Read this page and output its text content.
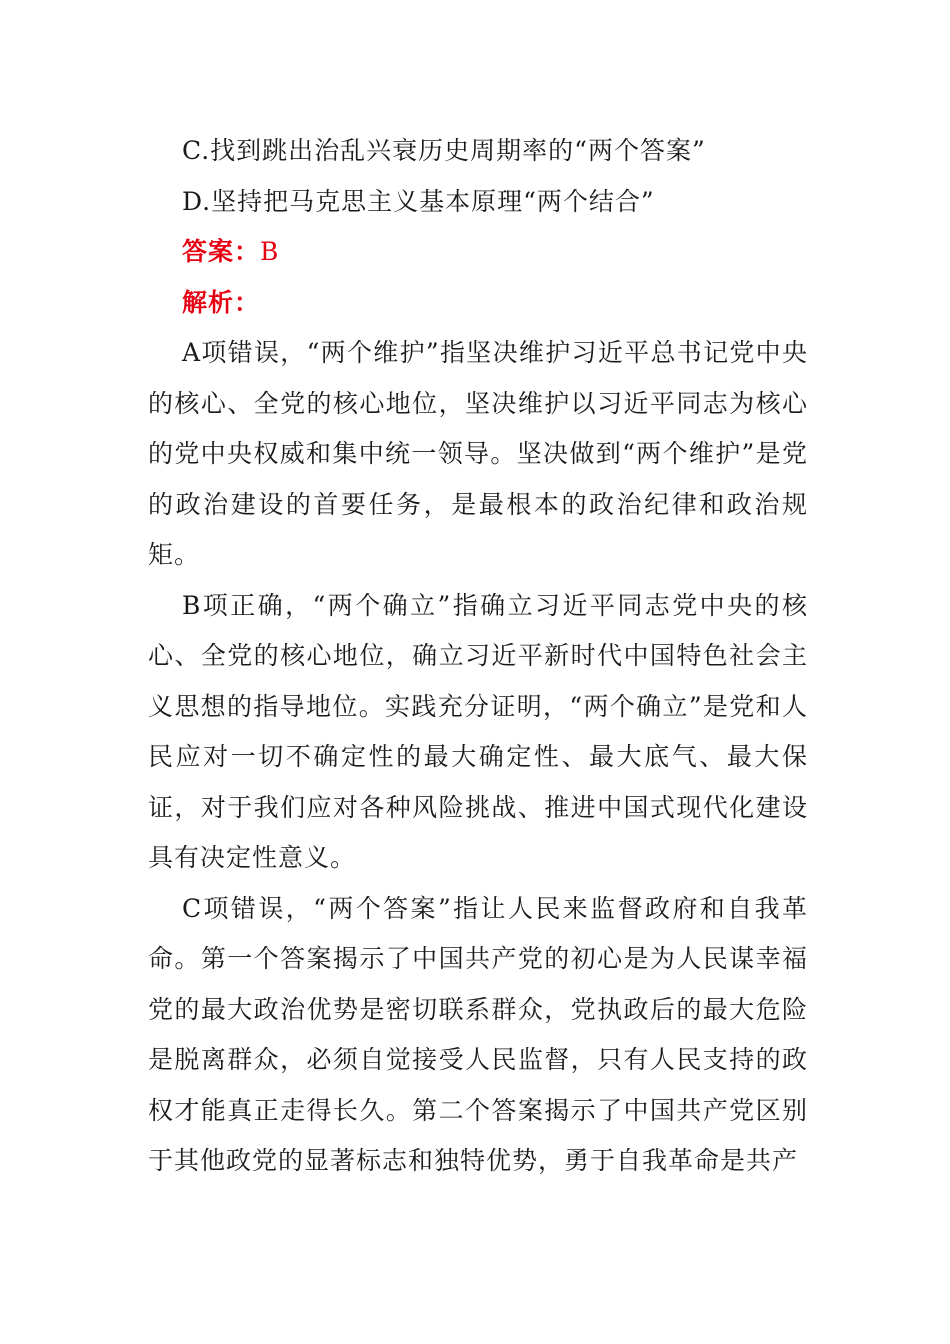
C.找到跳出治乱兴衰历史周期率的“两个答案”
D.坚持把马克思主义基本原理“两个结合”
答案：B
解析：

A项错误，“两个维护”指坚决维护习近平总书记党中央的核心、全党的核心地位，坚决维护以习近平同志为核心的党中央权威和集中统一领导。坚决做到“两个维护”是党的政治建设的首要任务，是最根本的政治纪律和政治规矩。

B项正确，“两个确立”指确立习近平同志党中央的核心、全党的核心地位，确立习近平新时代中国特色社会主义思想的指导地位。实践充分证明，“两个确立”是党和人民应对一切不确定性的最大确定性、最大底气、最大保证，对于我们应对各种风险挑战、推进中国式现代化建设具有决定性意义。

C项错误，“两个答案”指让人民来监督政府和自我革命。第一个答案揭示了中国共产党的初心是为人民谋幸福党的最大政治优势是密切联系群众，党执政后的最大危险是脱离群众，必须自觉接受人民监督，只有人民支持的政权才能真正走得长久。第二个答案揭示了中国共产党区别于其他政党的显著标志和独特优势，勇于自我革命是共产
